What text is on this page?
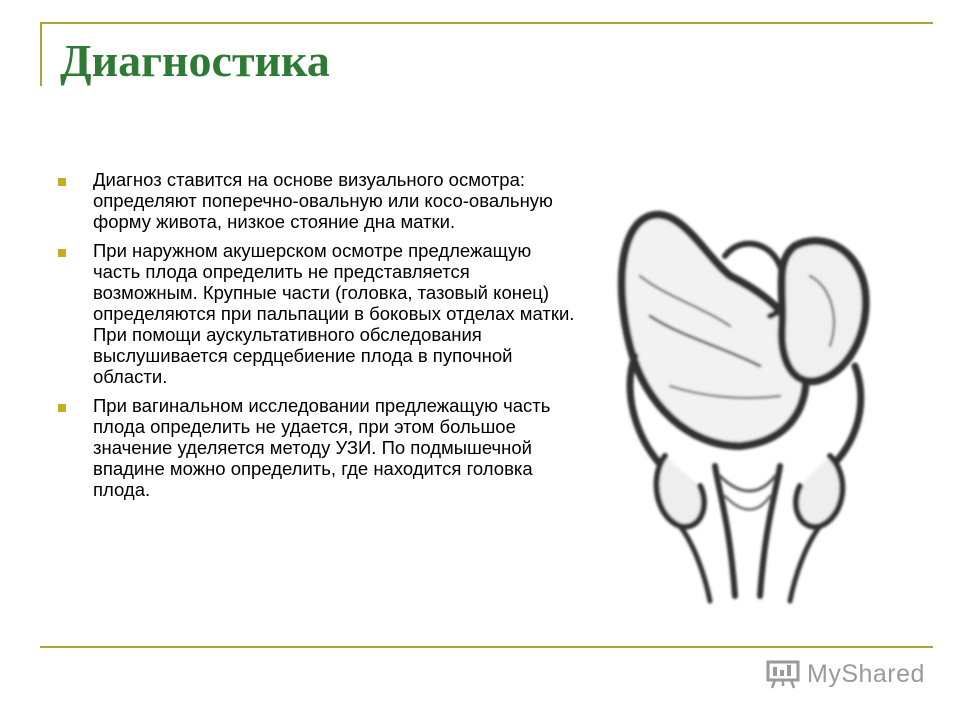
Диагностика
Диагноз ставится на основе визуального осмотра: определяют поперечно-овальную или косо-овальную форму живота, низкое стояние дна матки.
При наружном акушерском осмотре предлежащую часть плода определить не представляется возможным. Крупные части (головка, тазовый конец) определяются при пальпации в боковых отделах матки. При помощи аускультативного обследования выслушивается сердцебиение плода в пупочной области.
При вагинальном исследовании предлежащую часть плода определить не удается, при этом большое значение уделяется методу УЗИ. По подмышечной впадине можно определить, где находится головка плода.
MyShared
